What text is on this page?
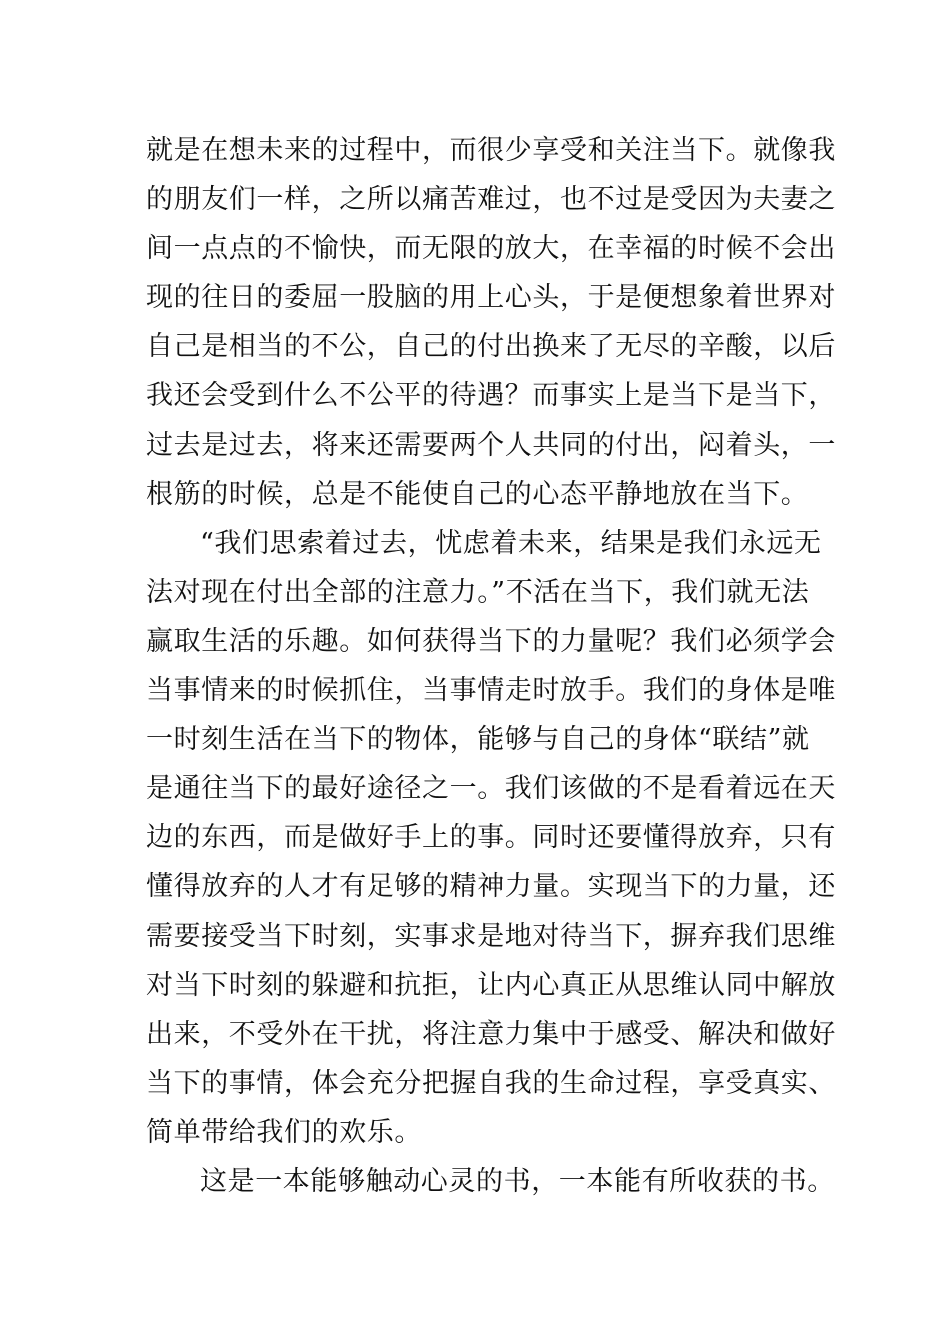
就是在想未来的过程中，而很少享受和关注当下。就像我
的朋友们一样，之所以痛苦难过，也不过是受因为夫妻之
间一点点的不愉快，而无限的放大，在幸福的时候不会出
现的往日的委屈一股脑的用上心头，于是便想象着世界对
自己是相当的不公，自己的付出换来了无尽的辛酸，以后
我还会受到什么不公平的待遇？而事实上是当下是当下，
过去是过去，将来还需要两个人共同的付出，闷着头，一
根筋的时候，总是不能使自己的心态平静地放在当下。
“我们思索着过去，忧虑着未来，结果是我们永远无
法对现在付出全部的注意力。”不活在当下，我们就无法
赢取生活的乐趣。如何获得当下的力量呢？我们必须学会
当事情来的时候抓住，当事情走时放手。我们的身体是唯
一时刻生活在当下的物体，能够与自己的身体“联结”就
是通往当下的最好途径之一。我们该做的不是看着远在天
边的东西，而是做好手上的事。同时还要懂得放弃，只有
懂得放弃的人才有足够的精神力量。实现当下的力量，还
需要接受当下时刻，实事求是地对待当下，摒弃我们思维
对当下时刻的躲避和抗拒，让内心真正从思维认同中解放
出来，不受外在干扰，将注意力集中于感受、解决和做好
当下的事情，体会充分把握自我的生命过程，享受真实、
简单带给我们的欢乐。
这是一本能够触动心灵的书，一本能有所收获的书。
